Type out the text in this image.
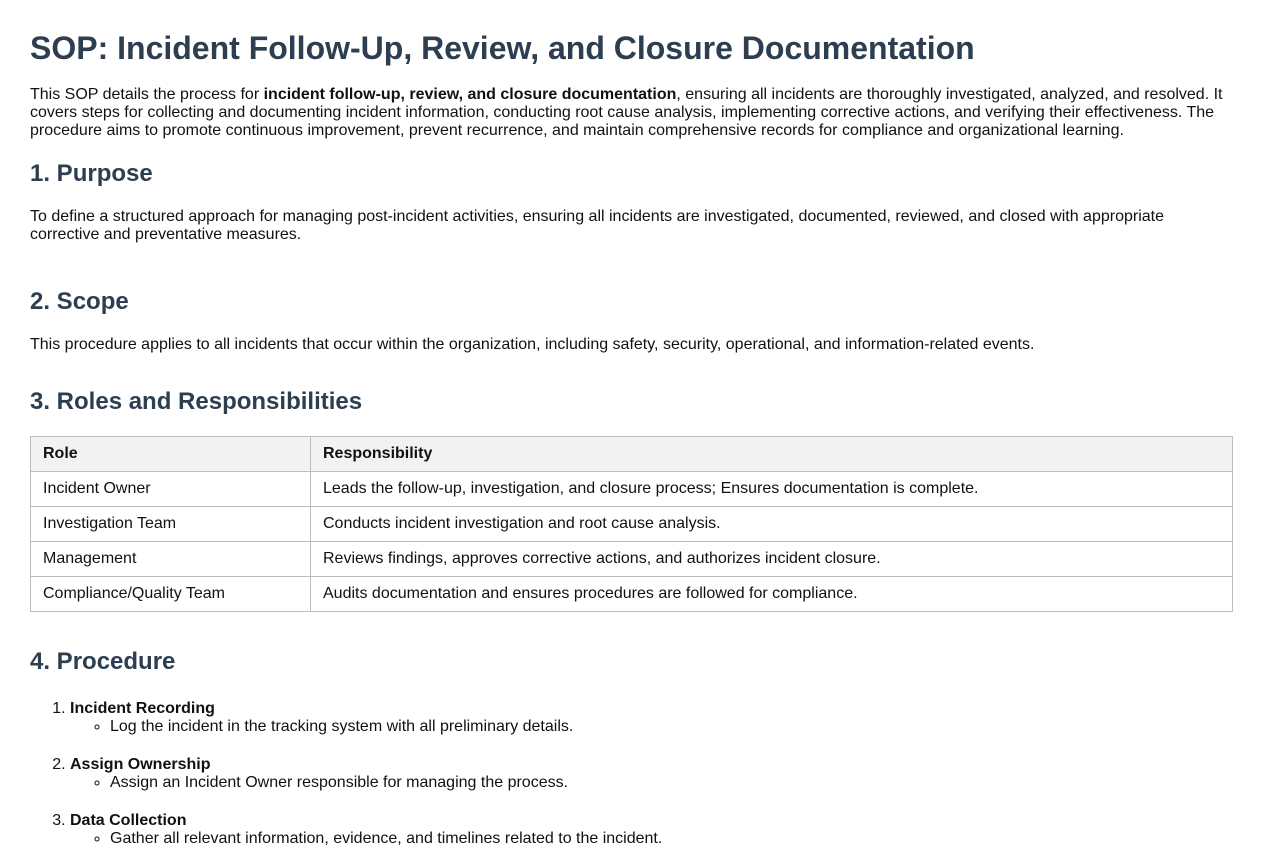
SOP: Incident Follow-Up, Review, and Closure Documentation

This SOP details the process for incident follow-up, review, and closure documentation, ensuring all incidents are thoroughly investigated, analyzed, and resolved. It covers steps for collecting and documenting incident information, conducting root cause analysis, implementing corrective actions, and verifying their effectiveness. The procedure aims to promote continuous improvement, prevent recurrence, and maintain comprehensive records for compliance and organizational learning.

1. Purpose

To define a structured approach for managing post-incident activities, ensuring all incidents are investigated, documented, reviewed, and closed with appropriate corrective and preventative measures.

2. Scope

This procedure applies to all incidents that occur within the organization, including safety, security, operational, and information-related events.

3. Roles and Responsibilities
Role	Responsibility
Incident Owner	Leads the follow-up, investigation, and closure process; Ensures documentation is complete.
Investigation Team	Conducts incident investigation and root cause analysis.
Management	Reviews findings, approves corrective actions, and authorizes incident closure.
Compliance/Quality Team	Audits documentation and ensures procedures are followed for compliance.
4. Procedure
1. Incident Recording
◦ Log the incident in the tracking system with all preliminary details.
2. Assign Ownership
◦ Assign an Incident Owner responsible for managing the process.
3. Data Collection
◦ Gather all relevant information, evidence, and timelines related to the incident.
